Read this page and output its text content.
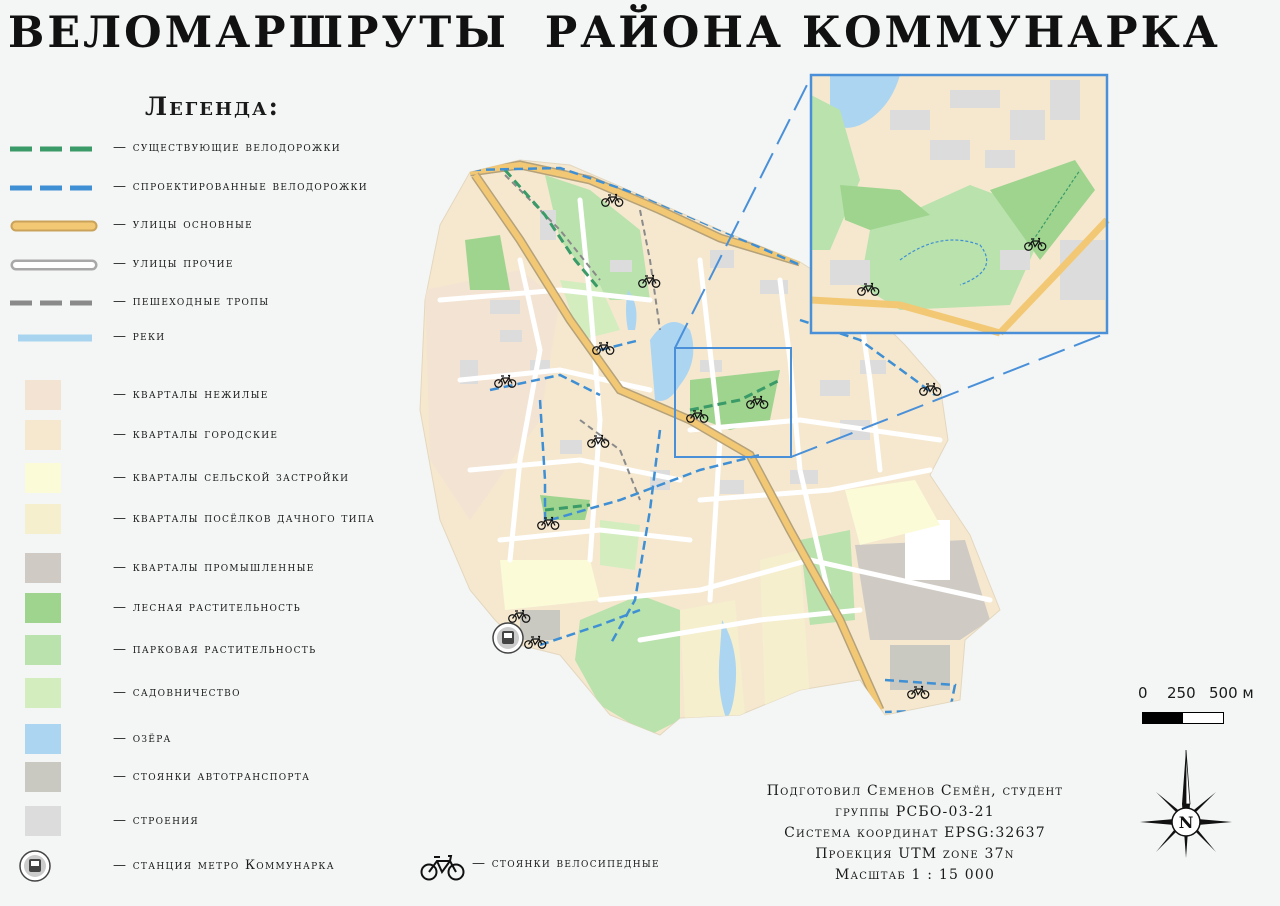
ВЕЛОМАРШРУТЫ  РАЙОНА КОММУНАРКА
Легенда:
— существующие велодорожки
— спроектированные велодорожки
— улицы основные
— улицы прочие
— пешеходные тропы
— реки
— кварталы нежилые
— кварталы городские
— кварталы сельской застройки
— кварталы посёлков дачного типа
— кварталы промышленные
— лесная растительность
— парковая растительность
— садовничество
— озёра
— стоянки автотранспорта
— строения
— станция метро Коммунарка	— стоянки велосипедные
Подготовил Семенов Семён, студент
группы РСБО-03-21
Система координат EPSG:32637
Проекция UTM zone 37n
Масштаб 1 : 15 000
0 250 500 м
N
